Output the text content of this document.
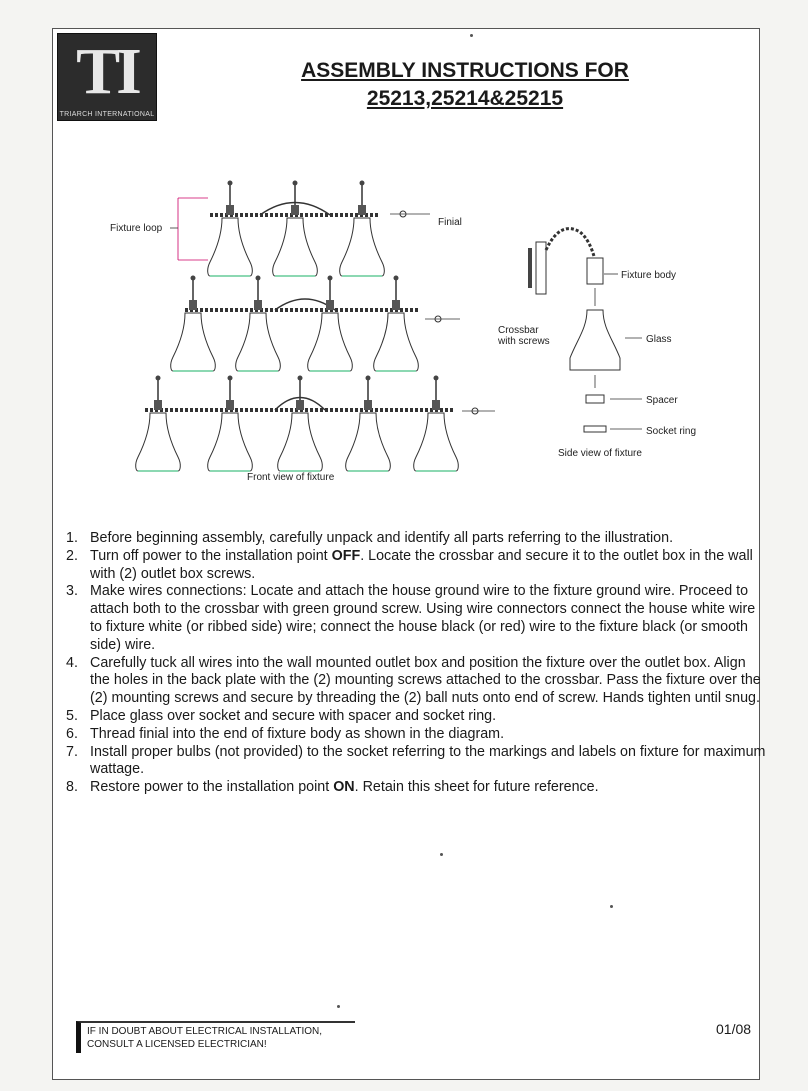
TI
TRIARCH INTERNATIONAL
ASSEMBLY INSTRUCTIONS FOR
25213,25214&25215
Fixture loop
Finial
Front view of fixture
Fixture body
Crossbar
with screws	Glass
Spacer
Socket ring
Side view of fixture
1. Before beginning assembly, carefully unpack and identify all parts referring to the illustration.
2. Turn off power to the installation point OFF. Locate the crossbar and secure it to the outlet box in the wall with (2) outlet box screws.
3. Make wires connections: Locate and attach the house ground wire to the fixture ground wire. Proceed to attach both to the crossbar with green ground screw. Using wire connectors connect the house white wire to fixture white (or ribbed side) wire; connect the house black (or red) wire to the fixture black (or smooth side) wire.
4. Carefully tuck all wires into the wall mounted outlet box and position the fixture over the outlet box. Align the holes in the back plate with the (2) mounting screws attached to the crossbar. Pass the fixture over the (2) mounting screws and secure by threading the (2) ball nuts onto end of screw. Hands tighten until snug.
5. Place glass over socket and secure with spacer and socket ring.
6. Thread finial into the end of fixture body as shown in the diagram.
7. Install proper bulbs (not provided) to the socket referring to the markings and labels on fixture for maximum wattage.
8. Restore power to the installation point ON. Retain this sheet for future reference.
IF IN DOUBT ABOUT ELECTRICAL INSTALLATION,
CONSULT A LICENSED ELECTRICIAN!
01/08
